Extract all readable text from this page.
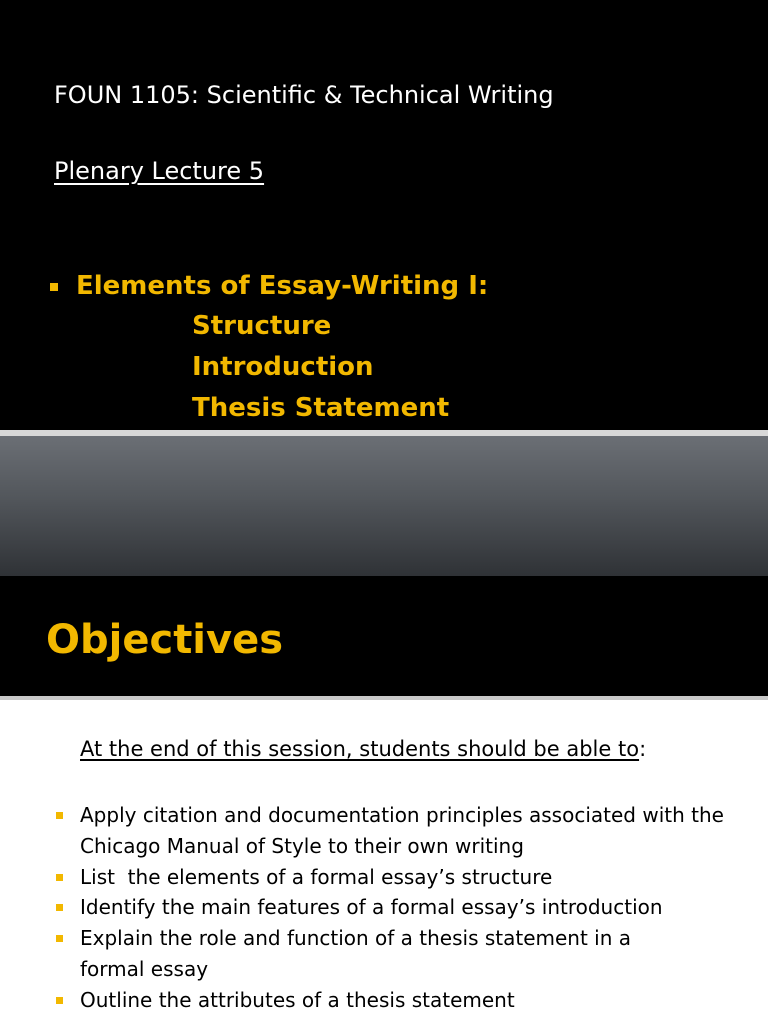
FOUN 1105: Scientific & Technical Writing
Plenary Lecture 5
Elements of Essay-Writing I:
Structure
Introduction
Thesis Statement
Objectives
At the end of this session, students should be able to:
Apply citation and documentation principles associated with the Chicago Manual of Style to their own writing
List  the elements of a formal essay’s structure
Identify the main features of a formal essay’s introduction
Explain the role and function of a thesis statement in a formal essay
Outline the attributes of a thesis statement
